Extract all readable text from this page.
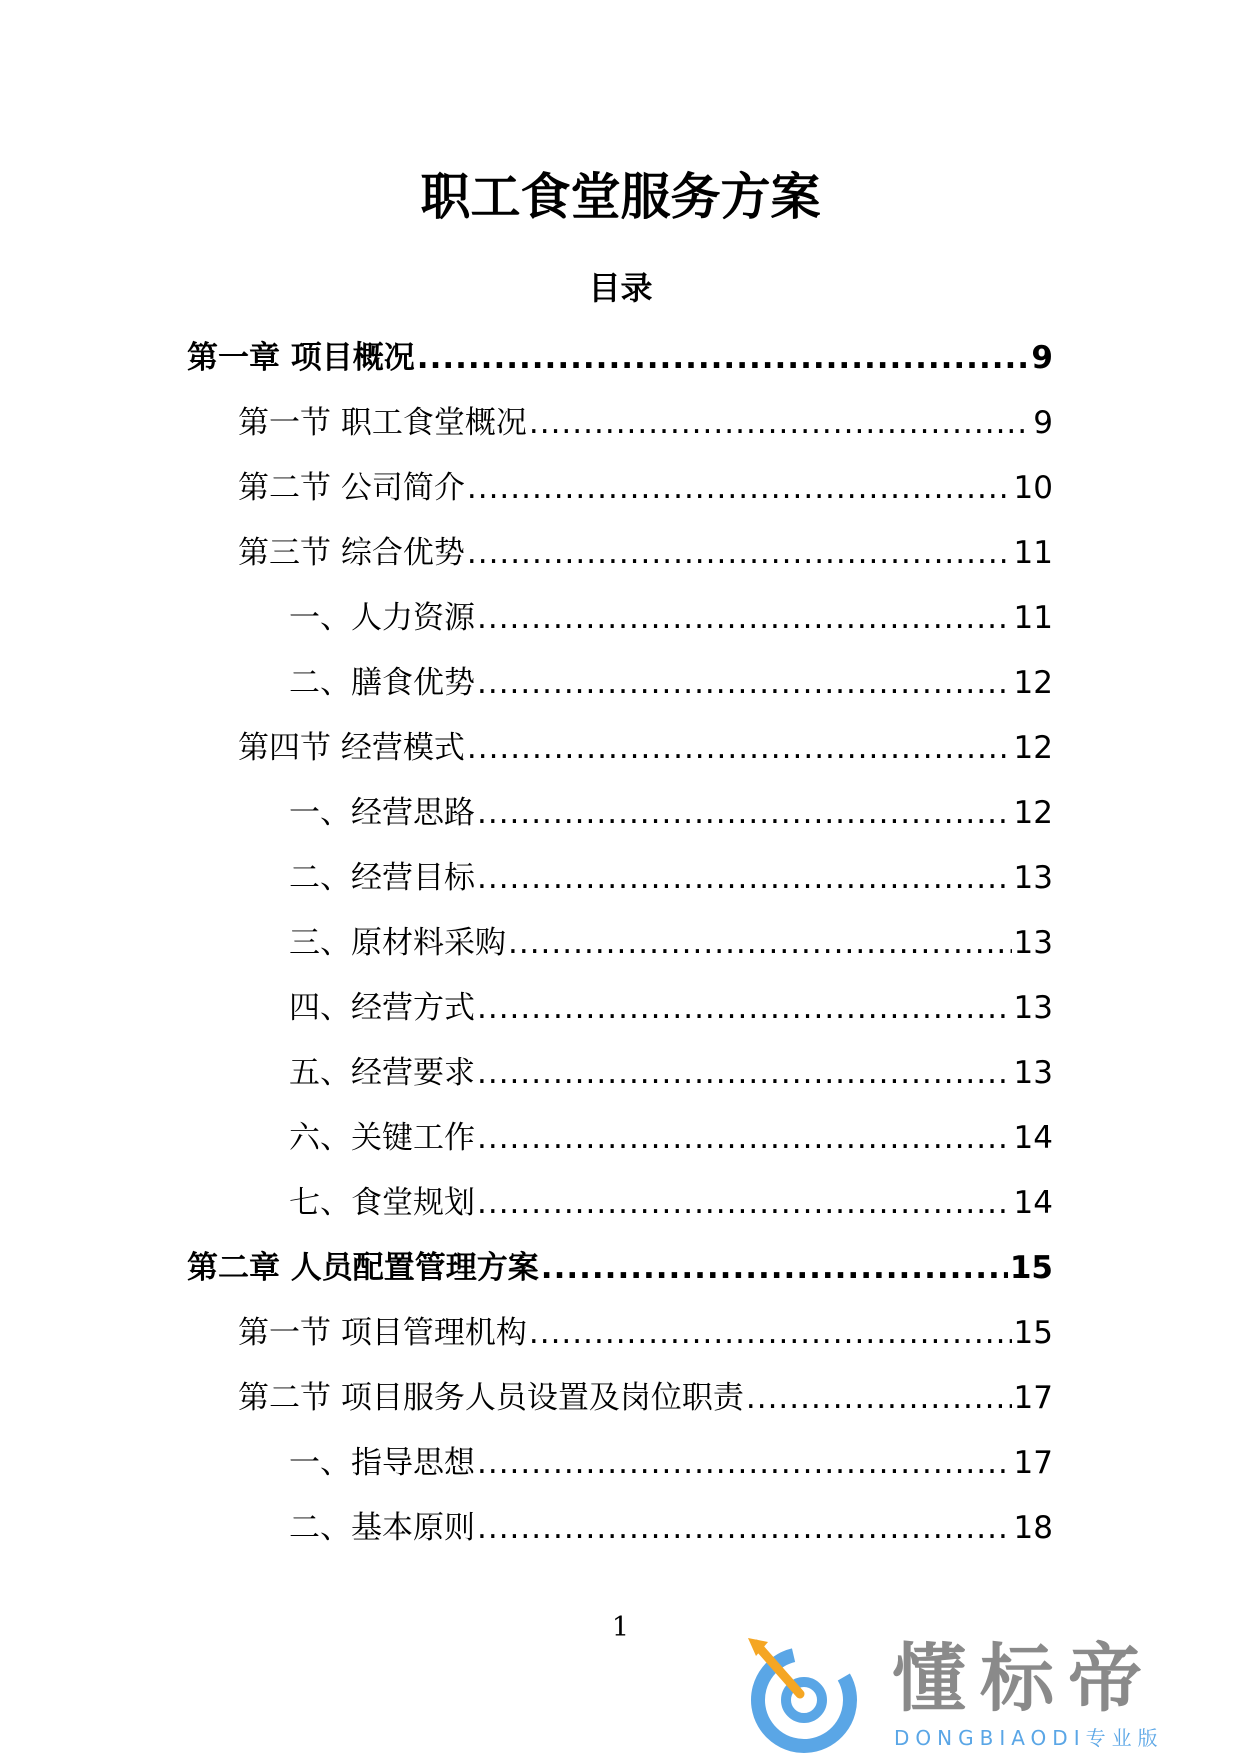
职工食堂服务方案
目录
第一章 项目概况 .....	9
第一节 职工食堂概况 .....	9
第二节 公司简介 .....	10
第三节 综合优势 .....	11
一、人力资源 .....	11
二、膳食优势 .....	12
第四节 经营模式 .....	12
一、经营思路 .....	12
二、经营目标 .....	13
三、原材料采购 .....	13
四、经营方式 .....	13
五、经营要求 .....	13
六、关键工作 .....	14
七、食堂规划 .....	14
第二章 人员配置管理方案 .....	15
第一节 项目管理机构 .....	15
第二节 项目服务人员设置及岗位职责 .....	17
一、指导思想 .....	17
二、基本原则 .....	18
1
懂标帝
DONGBIAODI专业版
